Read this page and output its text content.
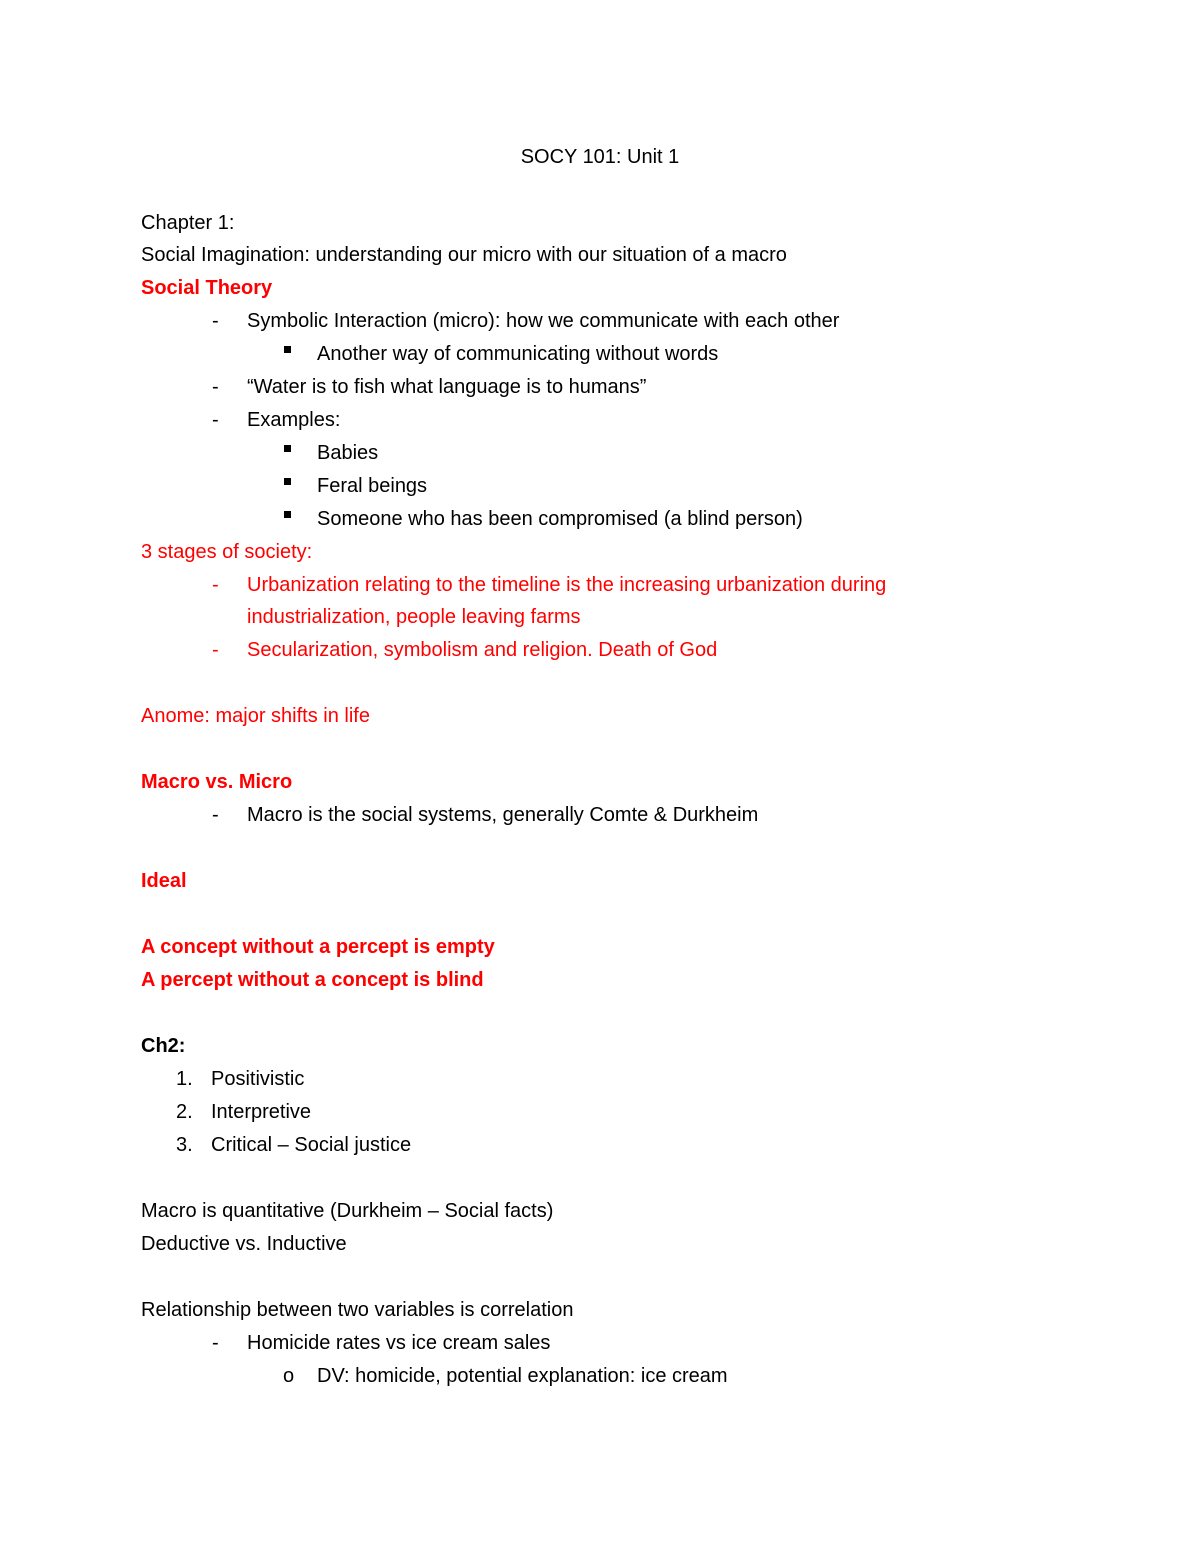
SOCY 101: Unit 1
Chapter 1:
Social Imagination: understanding our micro with our situation of a macro
Social Theory
- Symbolic Interaction (micro): how we communicate with each other
Another way of communicating without words
- “Water is to fish what language is to humans”
- Examples:
Babies
Feral beings
Someone who has been compromised (a blind person)
3 stages of society:
- Urbanization relating to the timeline is the increasing urbanization during
industrialization, people leaving farms
- Secularization, symbolism and religion. Death of God
Anome: major shifts in life
Macro vs. Micro
- Macro is the social systems, generally Comte & Durkheim
Ideal
A concept without a percept is empty
A percept without a concept is blind
Ch2:
1. Positivistic
2. Interpretive
3. Critical – Social justice
Macro is quantitative (Durkheim – Social facts)
Deductive vs. Inductive
Relationship between two variables is correlation
- Homicide rates vs ice cream sales
o DV: homicide, potential explanation: ice cream
